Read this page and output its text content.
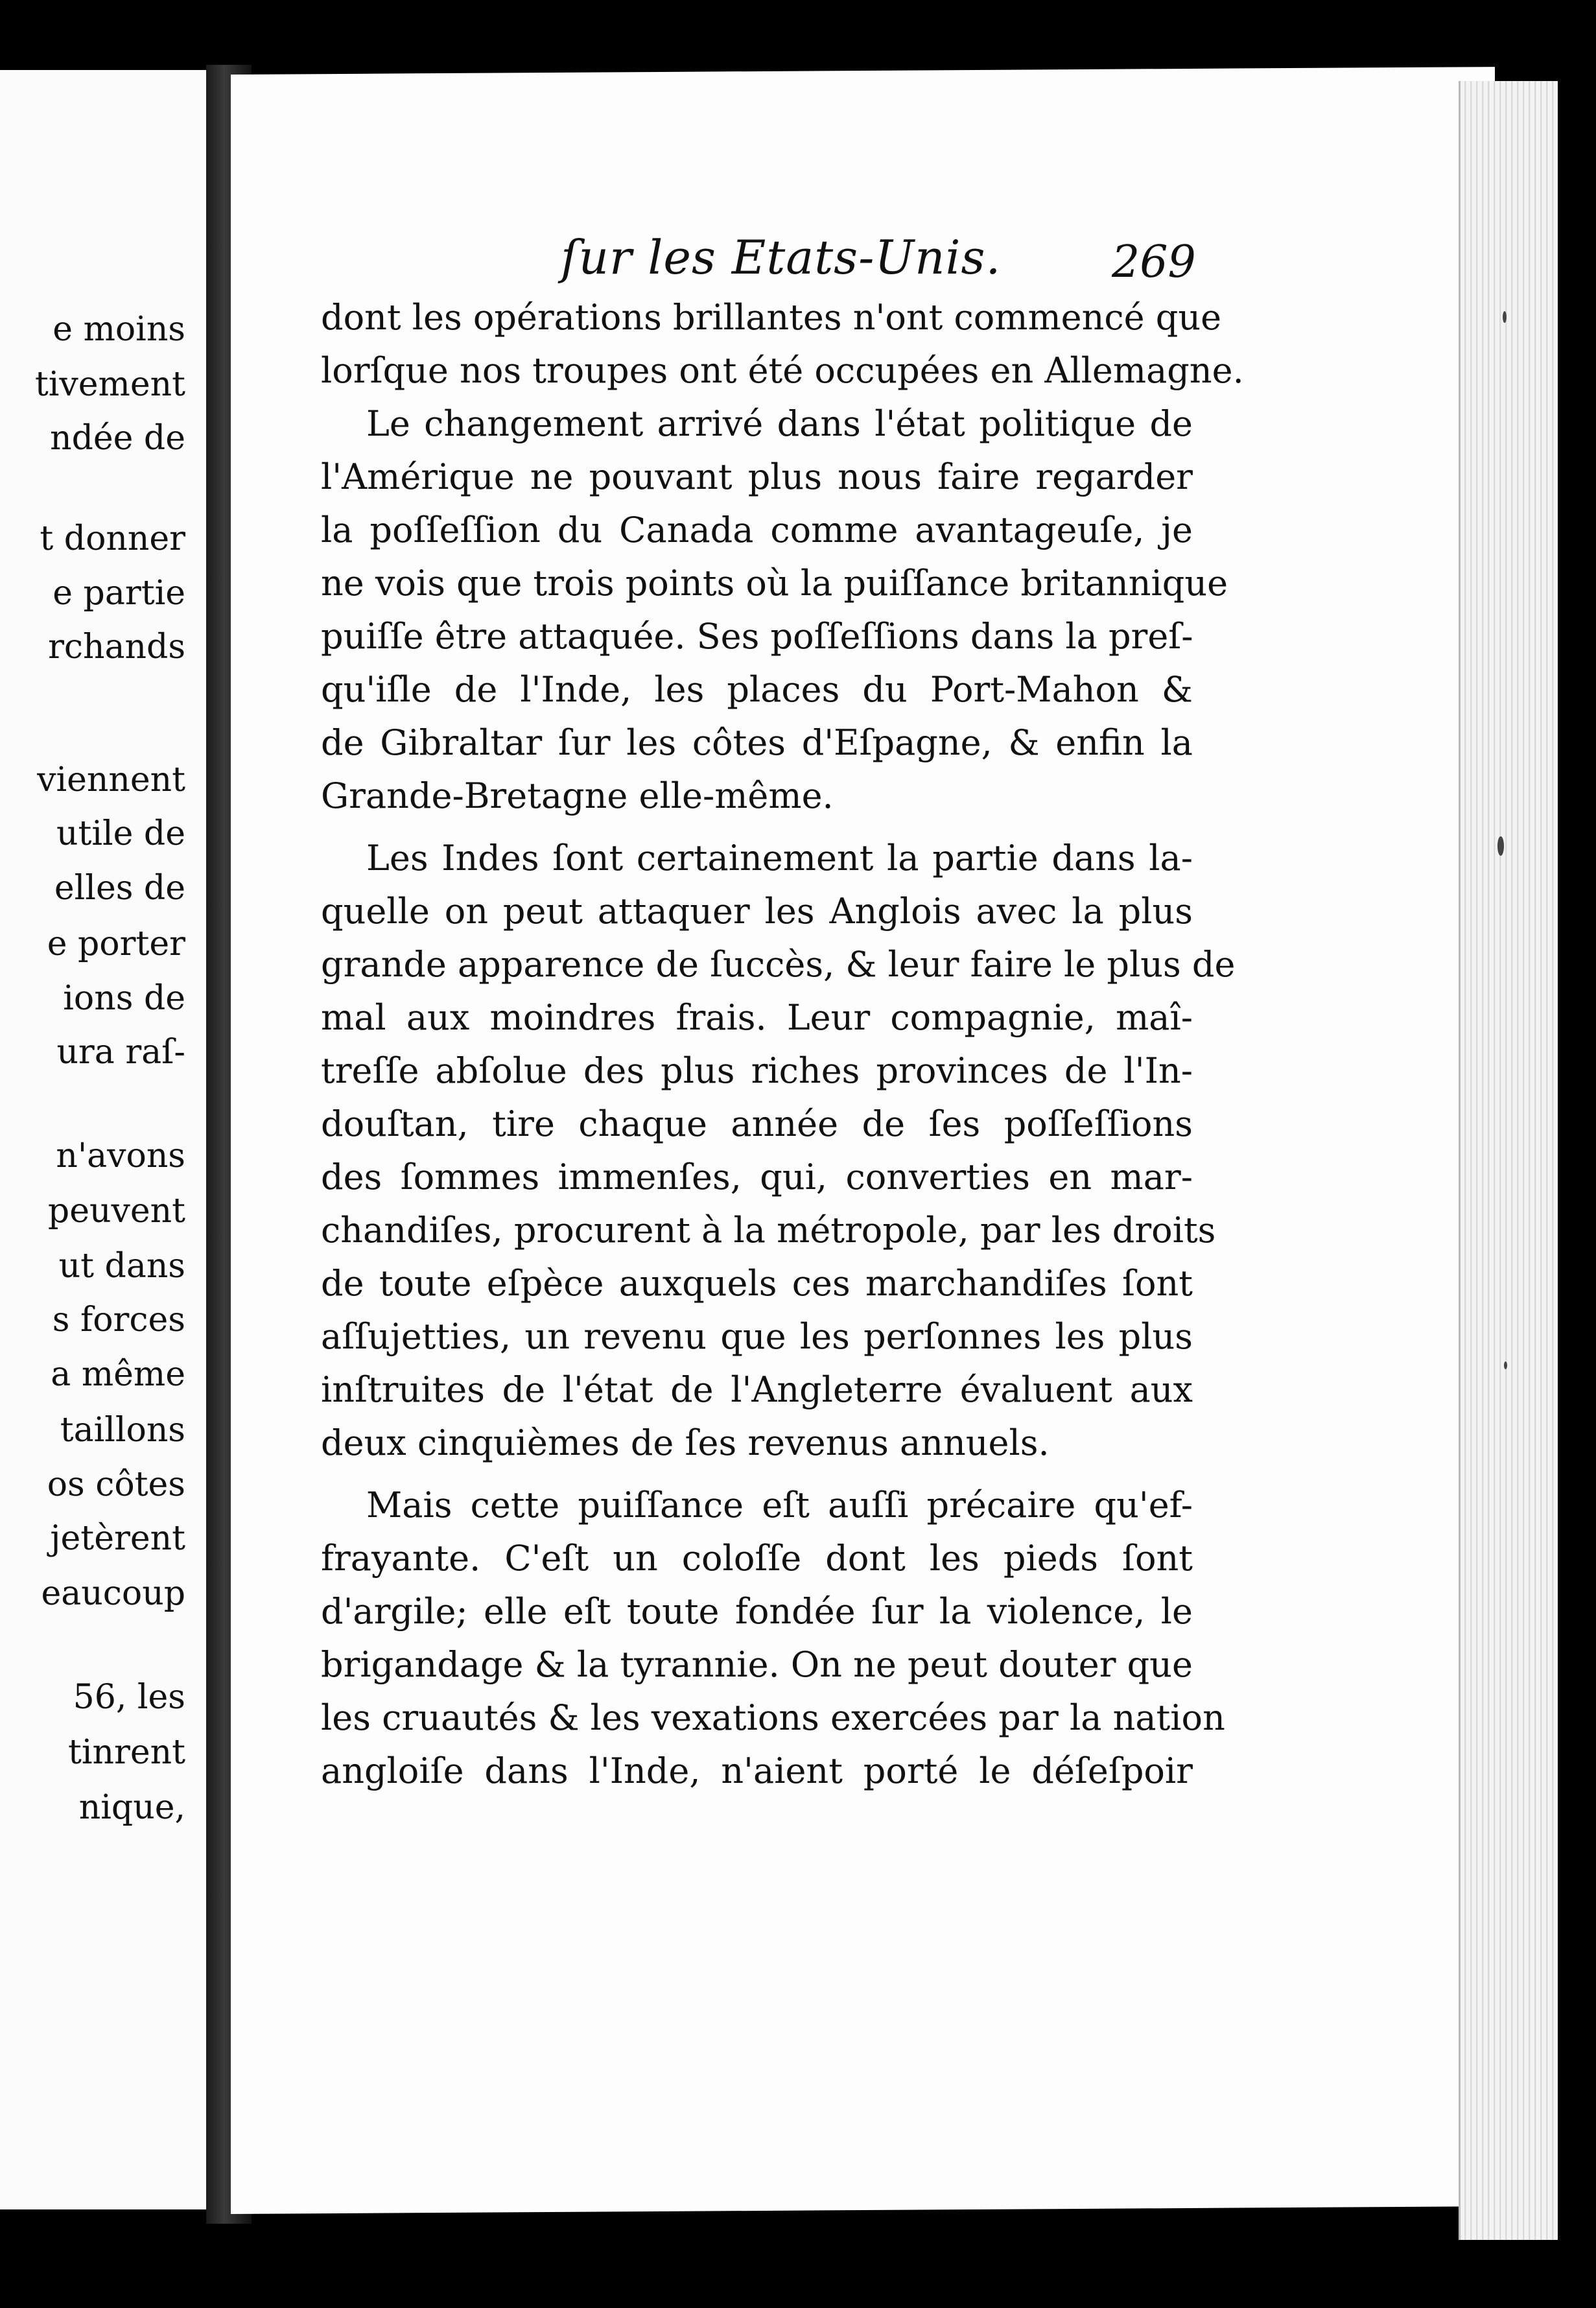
e moins
tivement
ndée de
t donner
e partie
rchands
viennent
utile de
elles de
e porter
ions de
ura raſ-
n'avons
peuvent
ut dans
s forces
a même
taillons
os côtes
jetèrent
eaucoup
56, les
tinrent
nique,
ſur les Etats-Unis.	269
dont les opérations brillantes n'ont commencé que
lorſque nos troupes ont été occupées en Allemagne.
Le changement arrivé dans l'état politique de
l'Amérique ne pouvant plus nous faire regarder
la poſſeſſion du Canada comme avantageuſe, je
ne vois que trois points où la puiſſance britannique
puiſſe être attaquée. Ses poſſeſſions dans la preſ-
qu'iſle de l'Inde, les places du Port-Mahon &
de Gibraltar ſur les côtes d'Eſpagne, & enfin la
Grande-Bretagne elle-même.
Les Indes ſont certainement la partie dans la-
quelle on peut attaquer les Anglois avec la plus
grande apparence de ſuccès, & leur faire le plus de
mal aux moindres frais. Leur compagnie, maî-
treſſe abſolue des plus riches provinces de l'In-
douſtan, tire chaque année de ſes poſſeſſions
des ſommes immenſes, qui, converties en mar-
chandiſes, procurent à la métropole, par les droits
de toute eſpèce auxquels ces marchandiſes ſont
aſſujetties, un revenu que les perſonnes les plus
inſtruites de l'état de l'Angleterre évaluent aux
deux cinquièmes de ſes revenus annuels.
Mais cette puiſſance eſt auſſi précaire qu'ef-
frayante. C'eſt un coloſſe dont les pieds ſont
d'argile; elle eſt toute fondée ſur la violence, le
brigandage & la tyrannie. On ne peut douter que
les cruautés & les vexations exercées par la nation
angloiſe dans l'Inde, n'aient porté le déſeſpoir
